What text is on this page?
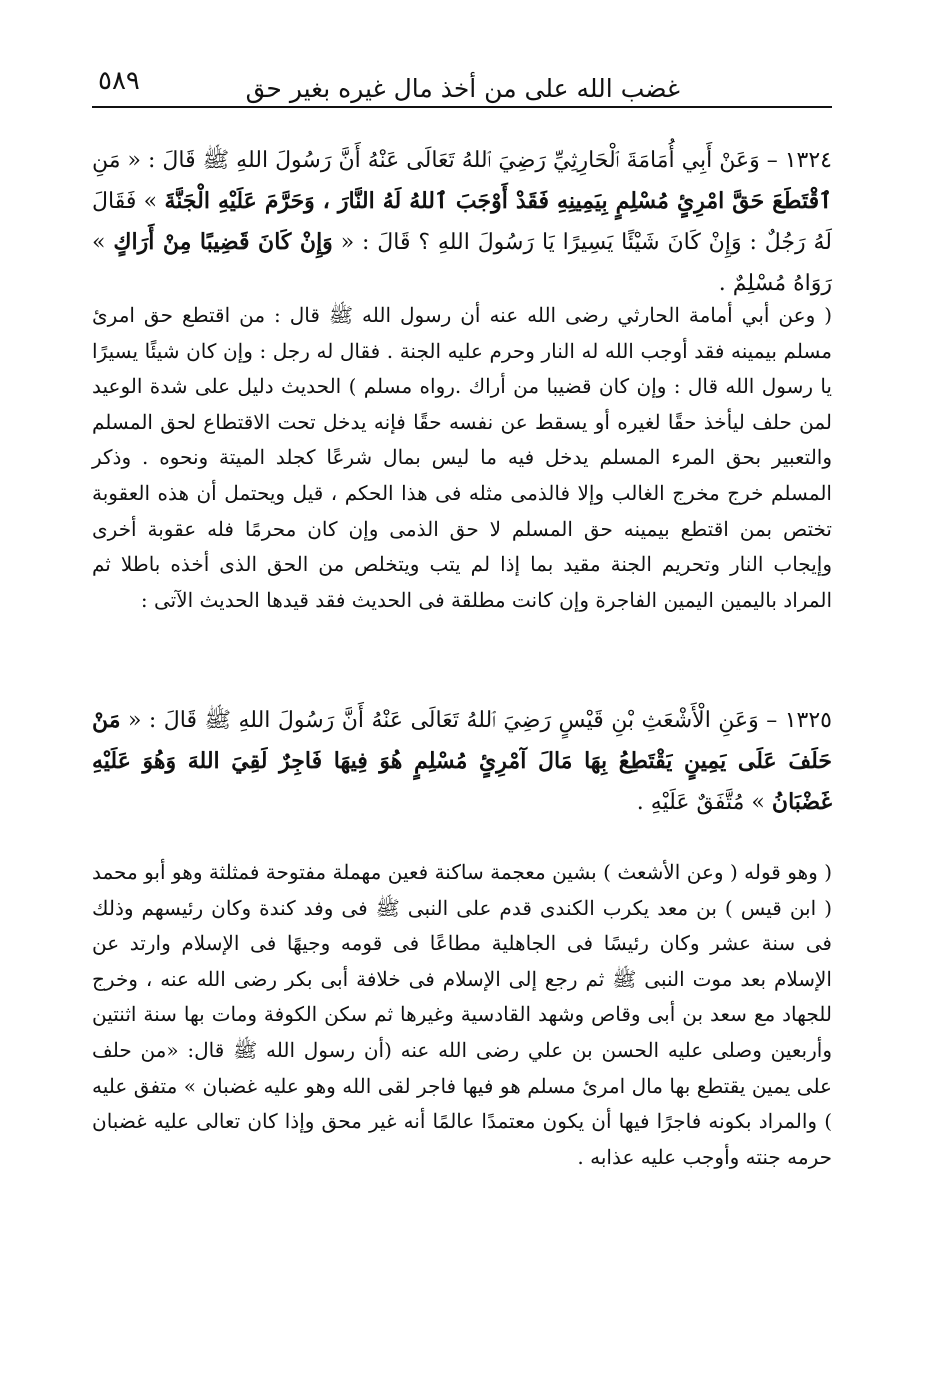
٥٨٩	غضب الله على من أخذ مال غيره بغير حق

١٣٢٤ – وَعَنْ أَبِي أُمَامَةَ ٱلْحَارِثِيِّ رَضِيَ ٱللهُ تَعَالَى عَنْهُ أَنَّ رَسُولَ اللهِ ﷺ قَالَ : « مَنِ ٱقْتَطَعَ حَقَّ امْرِئٍ مُسْلِمٍ بِيَمِينِهِ فَقَدْ أَوْجَبَ ٱللهُ لَهُ النَّارَ ، وَحَرَّمَ عَلَيْهِ الْجَنَّةَ » فَقَالَ لَهُ رَجُلٌ : وَإِنْ كَانَ شَيْئًا يَسِيرًا يَا رَسُولَ اللهِ ؟ قَالَ : « وَإِنْ كَانَ قَضِيبًا مِنْ أَرَاكٍ » رَوَاهُ مُسْلِمٌ .

( وعن أبي أمامة الحارثي رضى الله عنه أن رسول الله ﷺ قال : من اقتطع حق امرئ مسلم بيمينه فقد أوجب الله له النار وحرم عليه الجنة . فقال له رجل : وإن كان شيئًا يسيرًا يا رسول الله قال : وإن كان قضيبا من أراك .رواه مسلم ) الحديث دليل على شدة الوعيد لمن حلف ليأخذ حقًا لغيره أو يسقط عن نفسه حقًا فإنه يدخل تحت الاقتطاع لحق المسلم والتعبير بحق المرء المسلم يدخل فيه ما ليس بمال شرعًا كجلد الميتة ونحوه . وذكر المسلم خرج مخرج الغالب وإلا فالذمى مثله فى هذا الحكم ، قيل ويحتمل أن هذه العقوبة تختص بمن اقتطع بيمينه حق المسلم لا حق الذمى وإن كان محرمًا فله عقوبة أخرى وإيجاب النار وتحريم الجنة مقيد بما إذا لم يتب ويتخلص من الحق الذى أخذه باطلا ثم المراد باليمين اليمين الفاجرة وإن كانت مطلقة فى الحديث فقد قيدها الحديث الآتى :

١٣٢٥ – وَعَنِ الْأَشْعَثِ بْنِ قَيْسٍ رَضِيَ ٱللهُ تَعَالَى عَنْهُ أَنَّ رَسُولَ اللهِ ﷺ قَالَ : « مَنْ حَلَفَ عَلَى يَمِينٍ يَقْتَطِعُ بِهَا مَالَ آمْرِئٍ مُسْلِمٍ هُوَ فِيهَا فَاجِرٌ لَقِيَ اللهَ وَهُوَ عَلَيْهِ غَضْبَانُ » مُتَّفَقٌ عَلَيْهِ .

( وهو قوله ( وعن الأشعث ) بشين معجمة ساكنة فعين مهملة مفتوحة فمثلثة وهو أبو محمد ( ابن قيس ) بن معد يكرب الكندى قدم على النبى ﷺ فى وفد كندة وكان رئيسهم وذلك فى سنة عشر وكان رئيسًا فى الجاهلية مطاعًا فى قومه وجيهًا فى الإسلام وارتد عن الإسلام بعد موت النبى ﷺ ثم رجع إلى الإسلام فى خلافة أبى بكر رضى الله عنه ، وخرج للجهاد مع سعد بن أبى وقاص وشهد القادسية وغيرها ثم سكن الكوفة ومات بها سنة اثنتين وأربعين وصلى عليه الحسن بن علي رضى الله عنه (أن رسول الله ﷺ قال: «من حلف على يمين يقتطع بها مال امرئ مسلم هو فيها فاجر لقى الله وهو عليه غضبان » متفق عليه ) والمراد بكونه فاجرًا فيها أن يكون معتمدًا عالمًا أنه غير محق وإذا كان تعالى عليه غضبان حرمه جنته وأوجب عليه عذابه .
